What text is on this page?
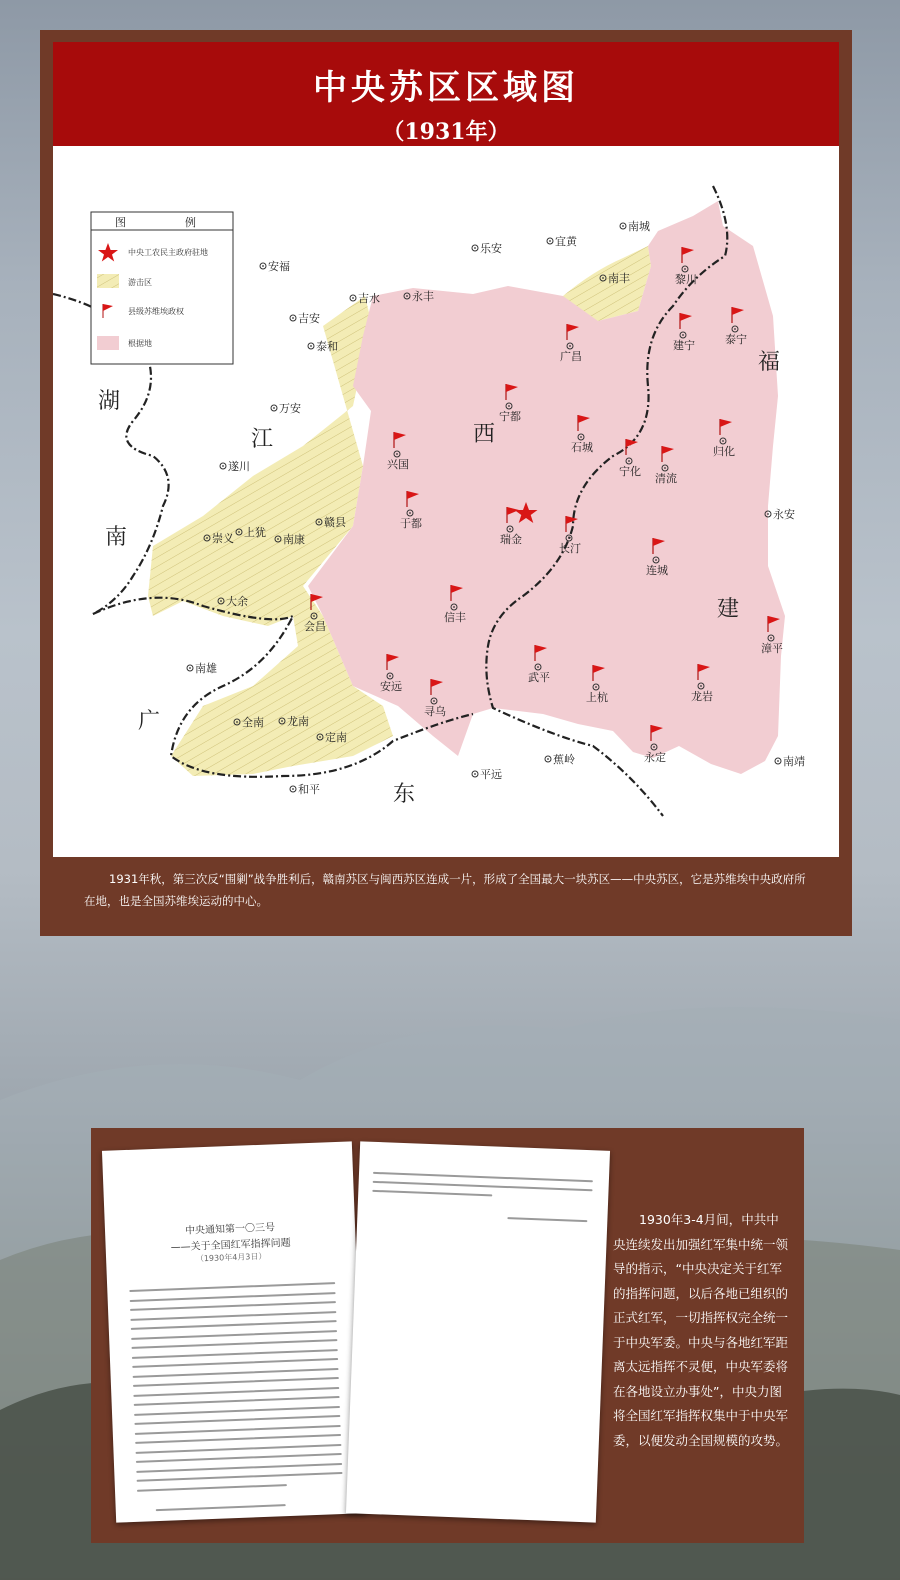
中央苏区区域图
（1931年）
图	例
中央工农民主政府驻地
游击区
县级苏维埃政权
根据地
湖
南
江	西
福
建
广
东
黎川
泰宁
广昌
建宁
宁都
石城
宁化
兴国
清流
归化
于都
瑞金
长汀
连城
信丰
会昌
安远
寻乌
武平
上杭	龙岩
永定
漳平
南丰
泰和
万安
崇义 上犹
南康
赣县
大余
龙南
全南
定南
安福
吉水	永丰
乐安
宜黄
南城
吉安
遂川
永安
南雄
和平
平远
蕉岭	南靖

1931年秋，第三次反“围剿”战争胜利后，赣南苏区与闽西苏区连成一片，形成了全国最大一块苏区——中央苏区，它是苏维埃中央政府所在地，也是全国苏维埃运动的中心。

中央通知第一〇三号
——关于全国红军指挥问题
（1930年4月3日）

1930年3-4月间，中共中央连续发出加强红军集中统一领导的指示，“中央决定关于红军的指挥问题，以后各地已组织的正式红军，一切指挥权完全统一于中央军委。中央与各地红军距离太远指挥不灵便，中央军委将在各地设立办事处”，中央力图将全国红军指挥权集中于中央军委，以便发动全国规模的攻势。
